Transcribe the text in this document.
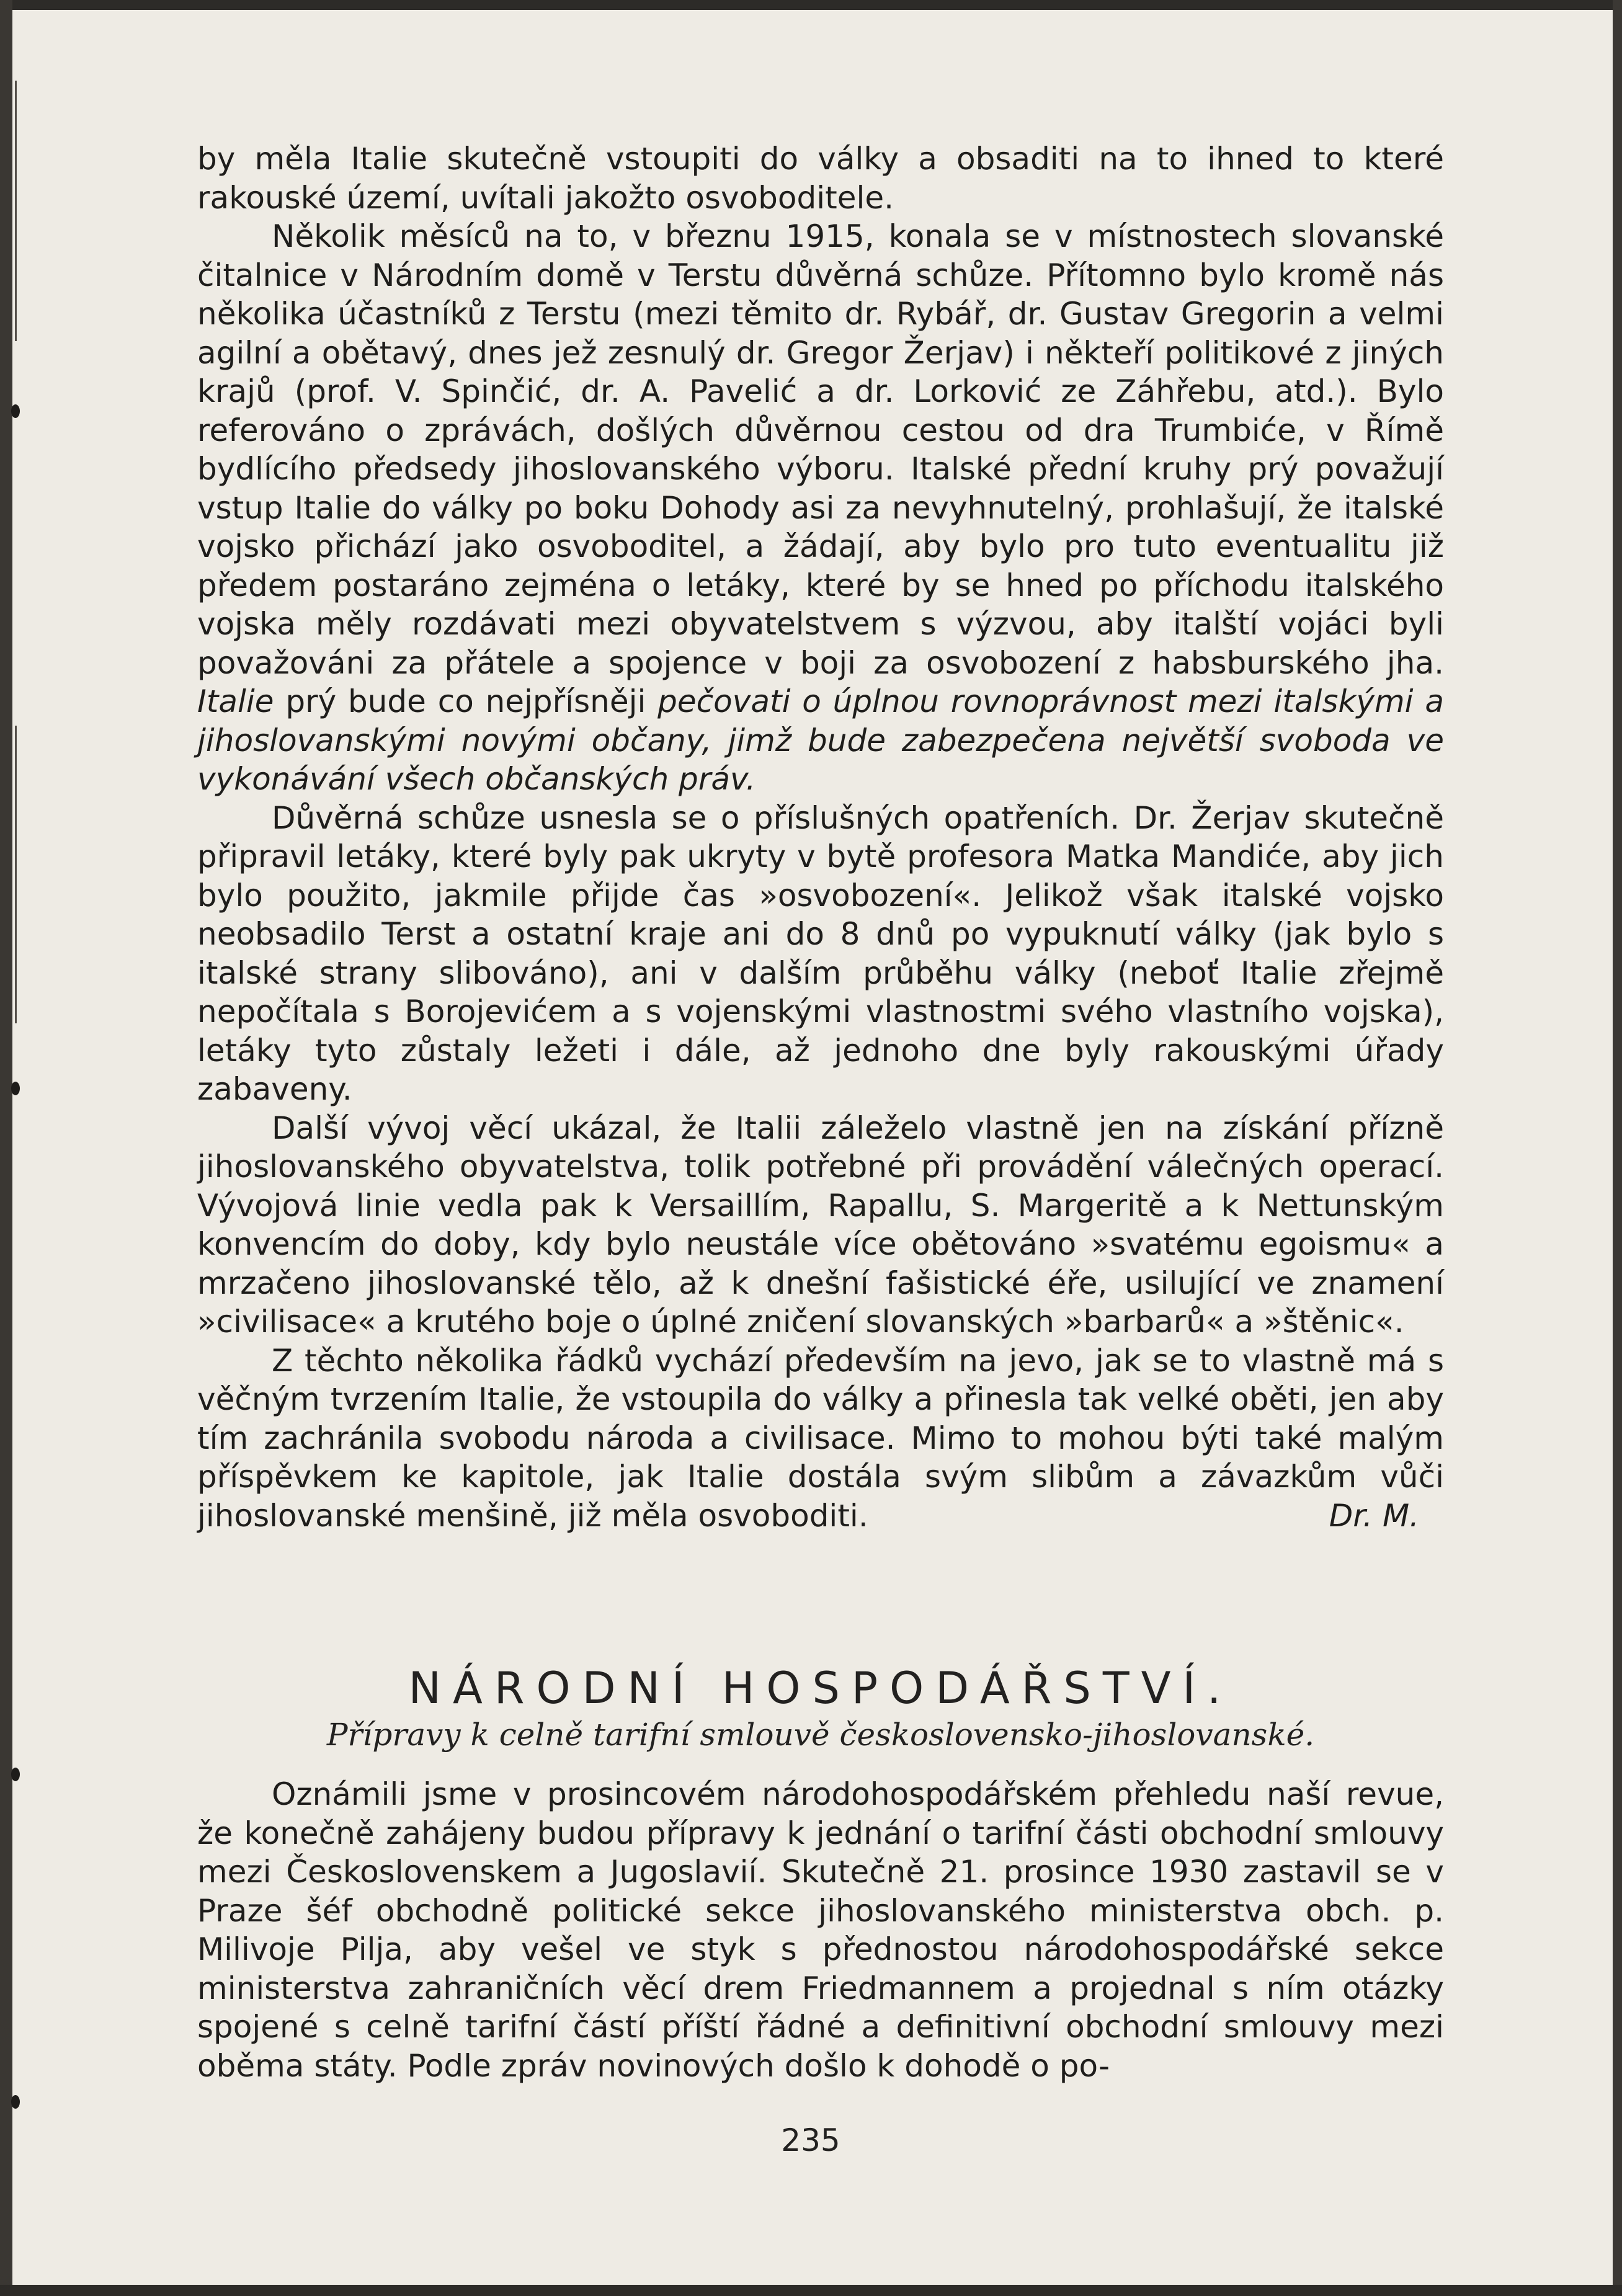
by měla Italie skutečně vstoupiti do války a obsaditi na to ihned to které rakouské území, uvítali jakožto osvoboditele.

Několik měsíců na to, v březnu 1915, konala se v místnostech slovanské čitalnice v Národním domě v Terstu důvěrná schůze. Přítomno bylo kromě nás několika účastníků z Terstu (mezi těmito dr. Rybář, dr. Gustav Gregorin a velmi agilní a obětavý, dnes jež zesnulý dr. Gregor Žerjav) i někteří politikové z jiných krajů (prof. V. Spinčić, dr. A. Pavelić a dr. Lorković ze Záhřebu, atd.). Bylo referováno o zprávách, došlých důvěrnou cestou od dra Trumbiće, v Římě bydlícího předsedy jihoslovanského výboru. Italské přední kruhy prý považují vstup Italie do války po boku Dohody asi za nevyhnutelný, prohlašují, že italské vojsko přichází jako osvoboditel, a žádají, aby bylo pro tuto eventualitu již předem postaráno zejména o letáky, které by se hned po příchodu italského vojska měly rozdávati mezi obyvatelstvem s výzvou, aby italští vojáci byli považováni za přátele a spojence v boji za osvobození z habsburského jha. Italie prý bude co nejpřísněji pečovati o úplnou rovnoprávnost mezi italskými a jihoslovanskými novými občany, jimž bude zabezpečena největší svoboda ve vykonávání všech občanských práv.

Důvěrná schůze usnesla se o příslušných opatřeních. Dr. Žerjav skutečně připravil letáky, které byly pak ukryty v bytě profesora Matka Mandiće, aby jich bylo použito, jakmile přijde čas »osvobození«. Jelikož však italské vojsko neobsadilo Terst a ostatní kraje ani do 8 dnů po vypuknutí války (jak bylo s italské strany slibováno), ani v dalším průběhu války (neboť Italie zřejmě nepočítala s Borojevićem a s vojenskými vlastnostmi svého vlastního vojska), letáky tyto zůstaly ležeti i dále, až jednoho dne byly rakouskými úřady zabaveny.

Další vývoj věcí ukázal, že Italii záleželo vlastně jen na získání přízně jihoslovanského obyvatelstva, tolik potřebné při provádění válečných operací. Vývojová linie vedla pak k Versaillím, Rapallu, S. Margeritě a k Nettunským konvencím do doby, kdy bylo neustále více obětováno »svatému egoismu« a mrzačeno jihoslovanské tělo, až k dnešní fašistické éře, usilující ve znamení »civilisace« a krutého boje o úplné zničení slovanských »barbarů« a »štěnic«.

Z těchto několika řádků vychází především na jevo, jak se to vlastně má s věčným tvrzením Italie, že vstoupila do války a přinesla tak velké oběti, jen aby tím zachránila svobodu národa a civilisace. Mimo to mohou býti také malým příspěvkem ke kapitole, jak Italie dostála svým slibům a závazkům vůči jihoslovanské menšině, již měla osvoboditi.	Dr. M.

NÁRODNÍ HOSPODÁŘSTVÍ.
Přípravy k celně tarifní smlouvě československo-jihoslovanské.

Oznámili jsme v prosincovém národohospodářském přehledu naší revue, že konečně zahájeny budou přípravy k jednání o tarifní části obchodní smlouvy mezi Československem a Jugoslavií. Skutečně 21. prosince 1930 zastavil se v Praze šéf obchodně politické sekce jihoslovanského ministerstva obch. p. Milivoje Pilja, aby vešel ve styk s přednostou národohospodářské sekce ministerstva zahraničních věcí drem Friedmannem a projednal s ním otázky spojené s celně tarifní částí příští řádné a definitivní obchodní smlouvy mezi oběma státy. Podle zpráv novinových došlo k dohodě o po-

235
